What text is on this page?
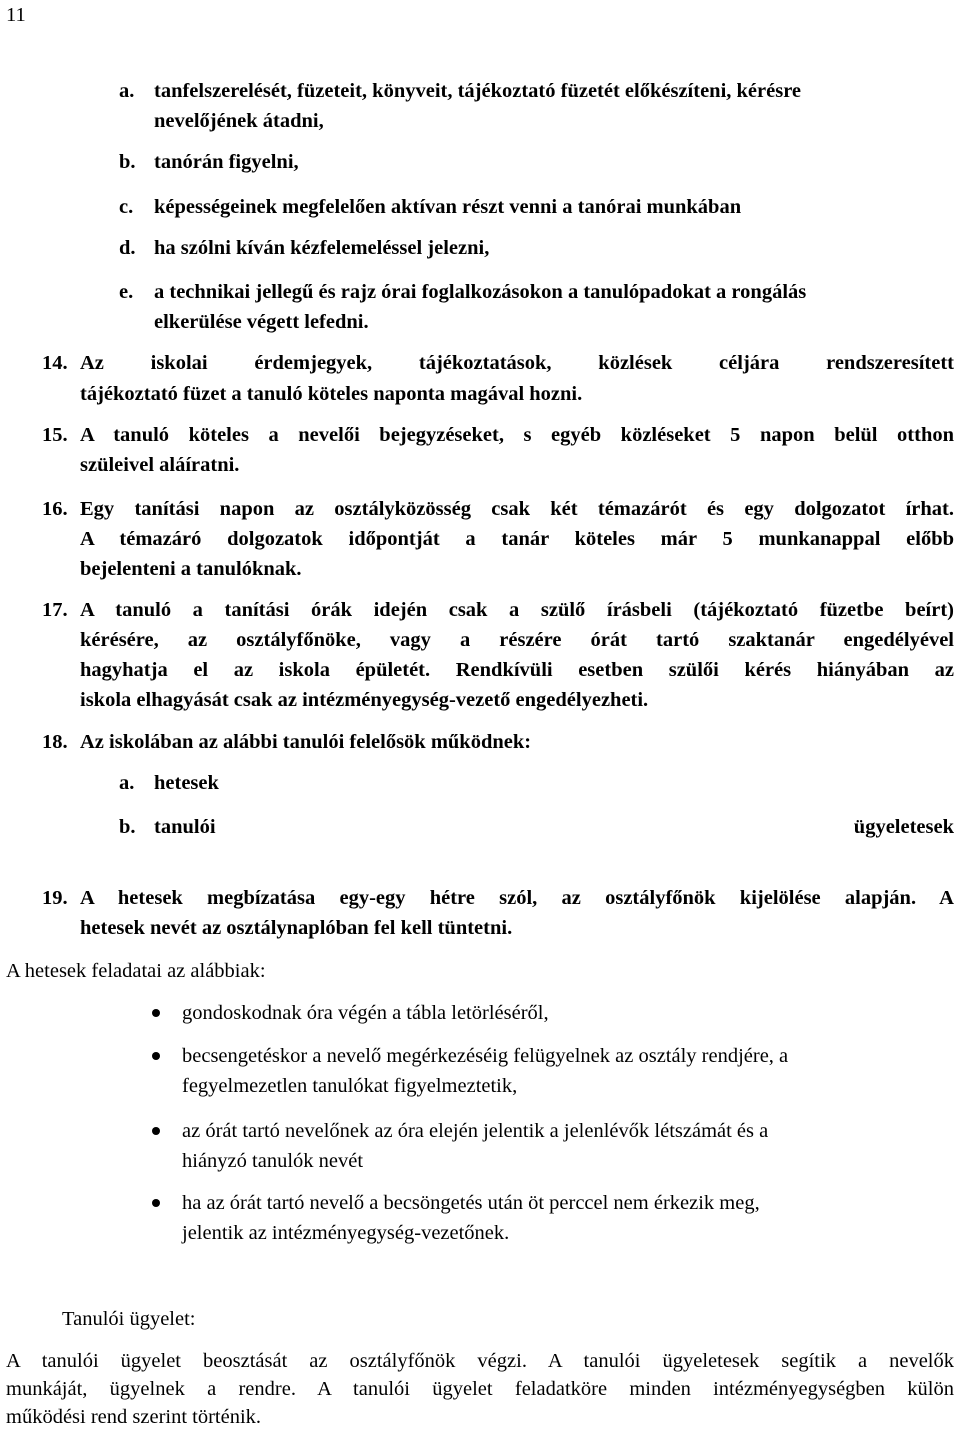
11
a. tanfelszerelését, füzeteit, könyveit, tájékoztató füzetét előkészíteni, kérésre
nevelőjének átadni,
b. tanórán figyelni,
c. képességeinek megfelelően aktívan részt venni a tanórai munkában
d. ha szólni kíván kézfelemeléssel jelezni,
e. a technikai jellegű és rajz órai foglalkozásokon a tanulópadokat a rongálás
elkerülése végett lefedni.
14. Az iskolai érdemjegyek, tájékoztatások, közlések céljára rendszeresített
tájékoztató füzet a tanuló köteles naponta magával hozni.
15. A tanuló köteles a nevelői bejegyzéseket, s egyéb közléseket 5 napon belül otthon
szüleivel aláíratni.
16. Egy tanítási napon az osztályközösség csak két témazárót és egy dolgozatot írhat.
A témazáró dolgozatok időpontját a tanár köteles már 5 munkanappal előbb
bejelenteni a tanulóknak.
17. A tanuló a tanítási órák idején csak a szülő írásbeli (tájékoztató füzetbe beírt)
kérésére, az osztályfőnöke, vagy a részére órát tartó szaktanár engedélyével
hagyhatja el az iskola épületét. Rendkívüli esetben szülői kérés hiányában az
iskola elhagyását csak az intézményegység-vezető engedélyezheti.
18. Az iskolában az alábbi tanulói felelősök működnek:
a. hetesek
b. tanulói	ügyeletesek
19. A hetesek megbízatása egy-egy hétre szól, az osztályfőnök kijelölése alapján. A
hetesek nevét az osztálynaplóban fel kell tüntetni.
A hetesek feladatai az alábbiak:
gondoskodnak óra végén a tábla letörléséről,
becsengetéskor a nevelő megérkezéséig felügyelnek az osztály rendjére, a
fegyelmezetlen tanulókat figyelmeztetik,
az órát tartó nevelőnek az óra elején jelentik a jelenlévők létszámát és a
hiányzó tanulók nevét
ha az órát tartó nevelő a becsöngetés után öt perccel nem érkezik meg,
jelentik az intézményegység-vezetőnek.
Tanulói ügyelet:
A tanulói ügyelet beosztását az osztályfőnök végzi. A tanulói ügyeletesek segítik a nevelők
munkáját, ügyelnek a rendre. A tanulói ügyelet feladatköre minden intézményegységben külön
működési rend szerint történik.
